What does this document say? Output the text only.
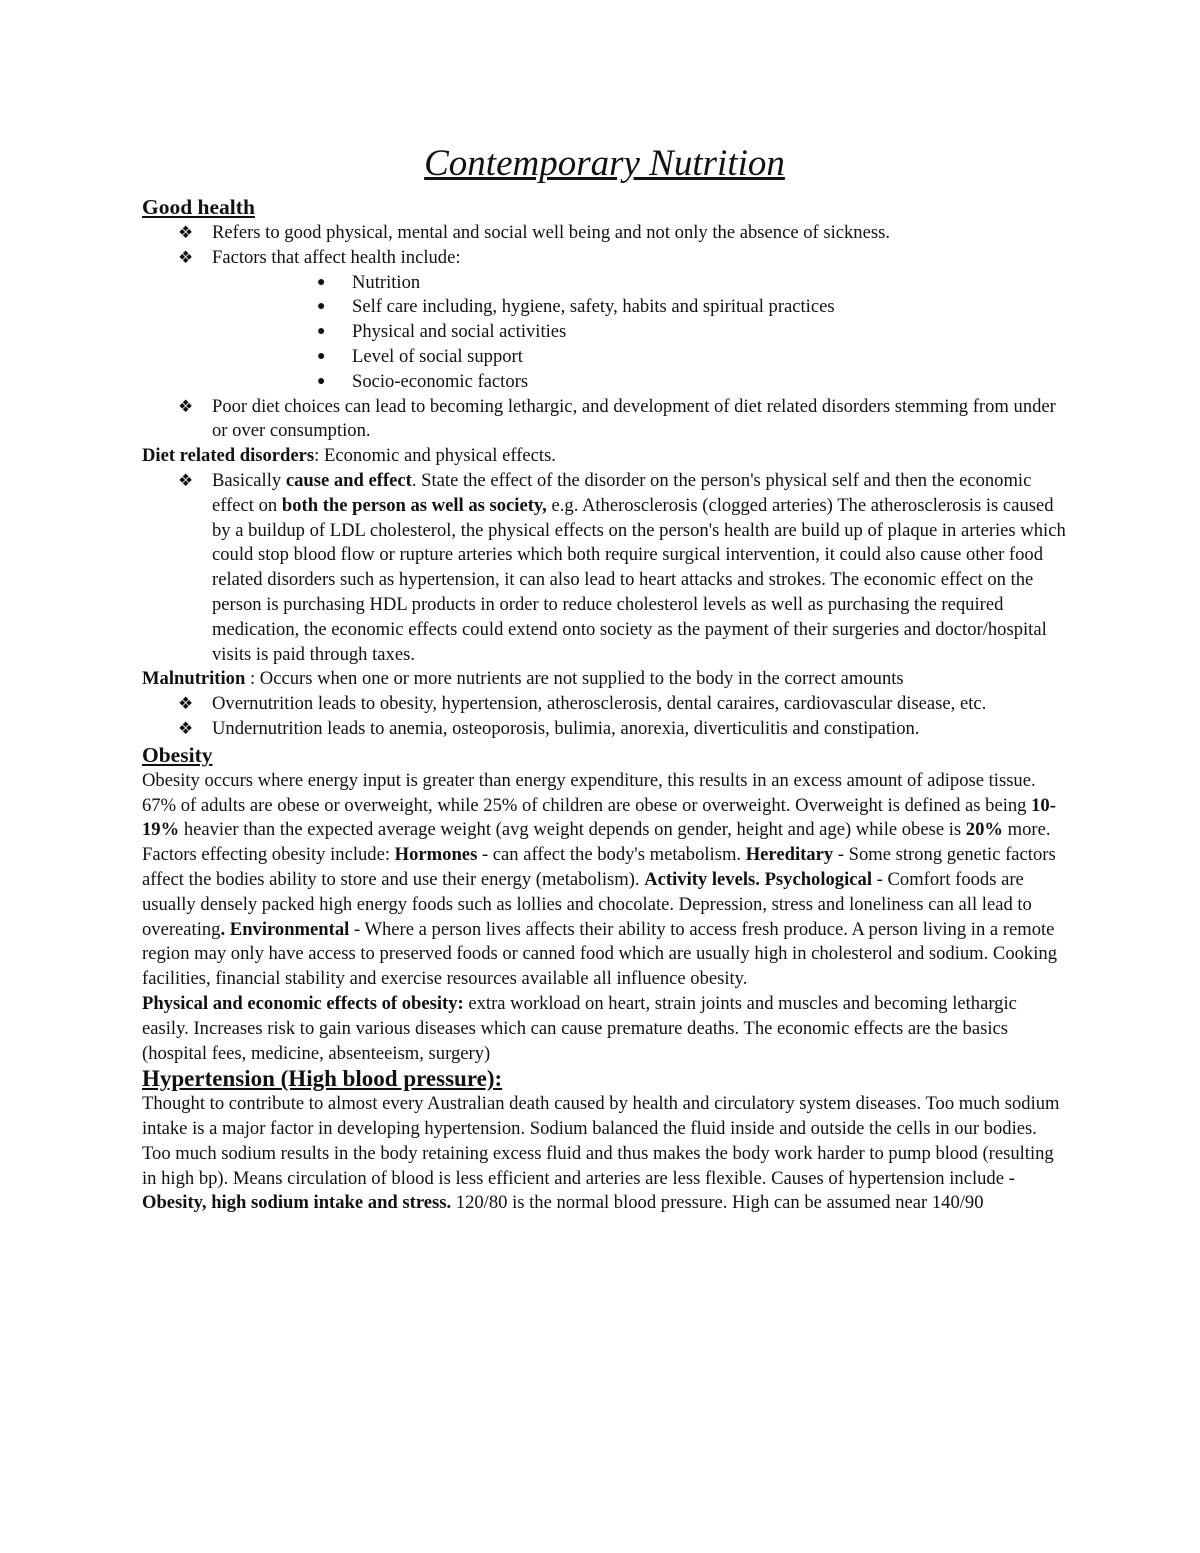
Contemporary Nutrition
Good health
❖ Refers to good physical, mental and social well being and not only the absence of sickness.
❖ Factors that affect health include:
● Nutrition
● Self care including, hygiene, safety, habits and spiritual practices
● Physical and social activities
● Level of social support
● Socio-economic factors
❖ Poor diet choices can lead to becoming lethargic, and development of diet related disorders stemming from under or over consumption.

Diet related disorders: Economic and physical effects.

❖ Basically cause and effect. State the effect of the disorder on the person's physical self and then the economic effect on both the person as well as society, e.g. Atherosclerosis (clogged arteries) The atherosclerosis is caused by a buildup of LDL cholesterol, the physical effects on the person's health are build up of plaque in arteries which could stop blood flow or rupture arteries which both require surgical intervention, it could also cause other food related disorders such as hypertension, it can also lead to heart attacks and strokes. The economic effect on the person is purchasing HDL products in order to reduce cholesterol levels as well as purchasing the required medication, the economic effects could extend onto society as the payment of their surgeries and doctor/hospital visits is paid through taxes.

Malnutrition : Occurs when one or more nutrients are not supplied to the body in the correct amounts

❖ Overnutrition leads to obesity, hypertension, atherosclerosis, dental caraires, cardiovascular disease, etc.
❖ Undernutrition leads to anemia, osteoporosis, bulimia, anorexia, diverticulitis and constipation.
Obesity

Obesity occurs where energy input is greater than energy expenditure, this results in an excess amount of adipose tissue. 67% of adults are obese or overweight, while 25% of children are obese or overweight. Overweight is defined as being 10-19% heavier than the expected average weight (avg weight depends on gender, height and age) while obese is 20% more.

Factors effecting obesity include: Hormones - can affect the body's metabolism. Hereditary - Some strong genetic factors affect the bodies ability to store and use their energy (metabolism). Activity levels. Psychological - Comfort foods are usually densely packed high energy foods such as lollies and chocolate. Depression, stress and loneliness can all lead to overeating. Environmental - Where a person lives affects their ability to access fresh produce. A person living in a remote region may only have access to preserved foods or canned food which are usually high in cholesterol and sodium. Cooking facilities, financial stability and exercise resources available all influence obesity.

Physical and economic effects of obesity: extra workload on heart, strain joints and muscles and becoming lethargic easily. Increases risk to gain various diseases which can cause premature deaths. The economic effects are the basics (hospital fees, medicine, absenteeism, surgery)

Hypertension (High blood pressure):

Thought to contribute to almost every Australian death caused by health and circulatory system diseases. Too much sodium intake is a major factor in developing hypertension. Sodium balanced the fluid inside and outside the cells in our bodies. Too much sodium results in the body retaining excess fluid and thus makes the body work harder to pump blood (resulting in high bp). Means circulation of blood is less efficient and arteries are less flexible. Causes of hypertension include - Obesity, high sodium intake and stress. 120/80 is the normal blood pressure. High can be assumed near 140/90
